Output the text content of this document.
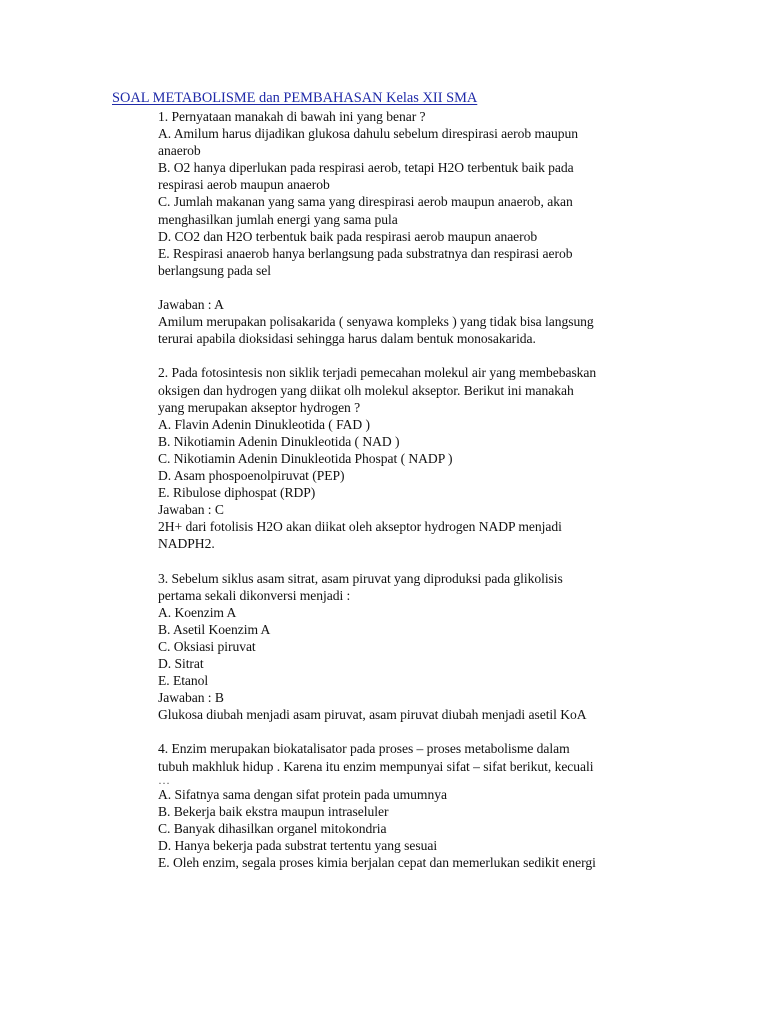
SOAL METABOLISME dan PEMBAHASAN Kelas XII SMA
1. Pernyataan manakah di bawah ini yang benar ?
A. Amilum harus dijadikan glukosa dahulu sebelum direspirasi aerob maupun
anaerob
B. O2 hanya diperlukan pada respirasi aerob, tetapi H2O terbentuk baik pada
respirasi aerob maupun anaerob
C. Jumlah makanan yang sama yang direspirasi aerob maupun anaerob, akan
menghasilkan jumlah energi yang sama pula
D. CO2 dan H2O terbentuk baik pada respirasi aerob maupun anaerob
E. Respirasi anaerob hanya berlangsung pada substratnya dan respirasi aerob
berlangsung pada sel
Jawaban : A
Amilum merupakan polisakarida ( senyawa kompleks ) yang tidak bisa langsung
terurai apabila dioksidasi sehingga harus dalam bentuk monosakarida.
2. Pada fotosintesis non siklik terjadi pemecahan molekul air yang membebaskan
oksigen dan hydrogen yang diikat olh molekul akseptor. Berikut ini manakah
yang merupakan akseptor hydrogen ?
A. Flavin Adenin Dinukleotida ( FAD )
B. Nikotiamin Adenin Dinukleotida ( NAD )
C. Nikotiamin Adenin Dinukleotida Phospat ( NADP )
D. Asam phospoenolpiruvat (PEP)
E. Ribulose diphospat (RDP)
Jawaban : C
2H+ dari fotolisis H2O akan diikat oleh akseptor hydrogen NADP menjadi
NADPH2.
3. Sebelum siklus asam sitrat, asam piruvat yang diproduksi pada glikolisis
pertama sekali dikonversi menjadi :
A. Koenzim A
B. Asetil Koenzim A
C. Oksiasi piruvat
D. Sitrat
E. Etanol
Jawaban : B
Glukosa diubah menjadi asam piruvat, asam piruvat diubah menjadi asetil KoA
4. Enzim merupakan biokatalisator pada proses – proses metabolisme dalam
tubuh makhluk hidup . Karena itu enzim mempunyai sifat – sifat berikut, kecuali
…
A. Sifatnya sama dengan sifat protein pada umumnya
B. Bekerja baik ekstra maupun intraseluler
C. Banyak dihasilkan organel mitokondria
D. Hanya bekerja pada substrat tertentu yang sesuai
E. Oleh enzim, segala proses kimia berjalan cepat dan memerlukan sedikit energi
